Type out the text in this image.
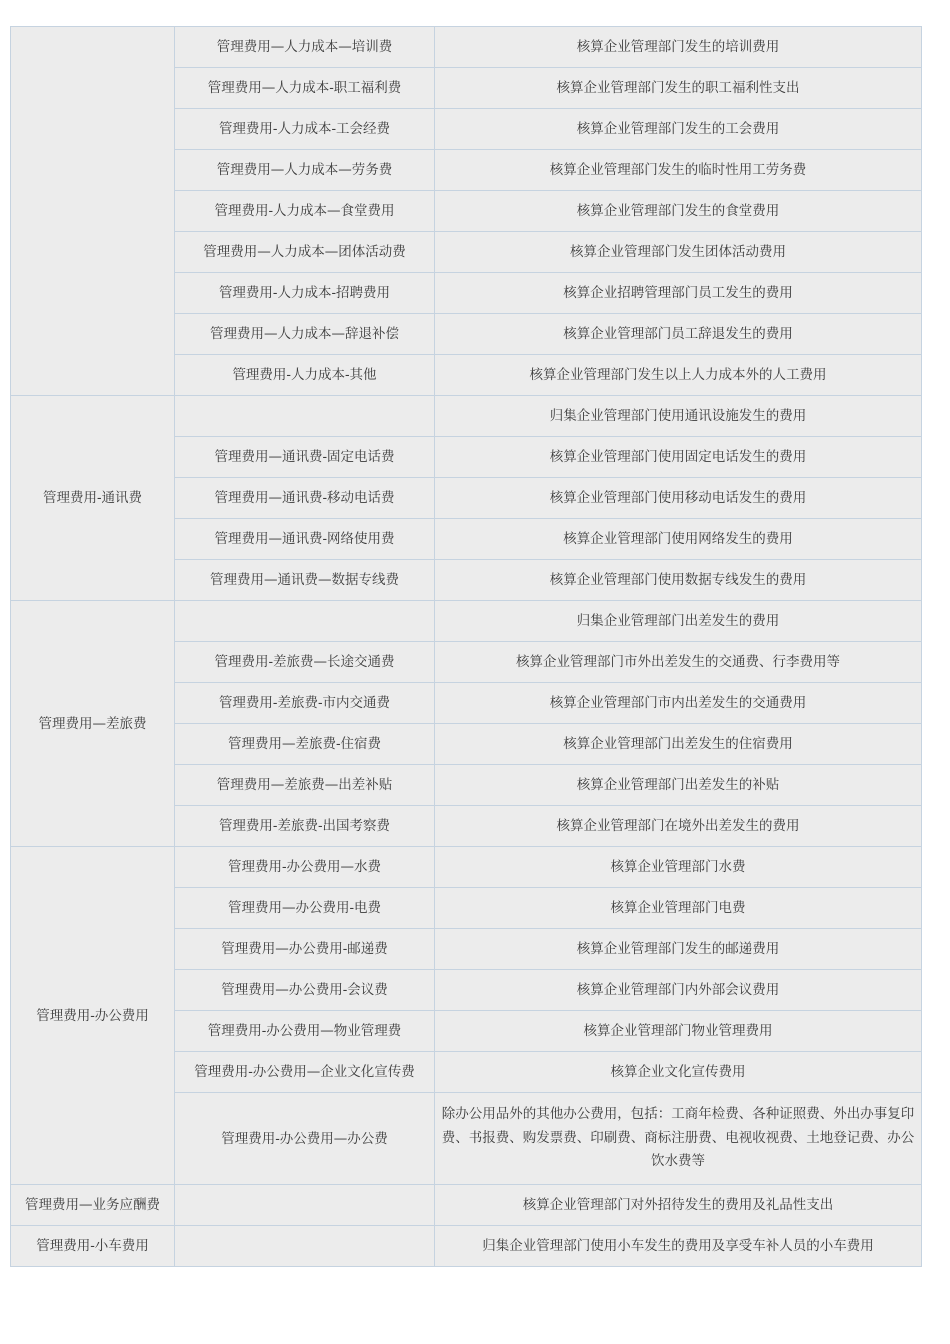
	管理费用—人力成本—培训费	核算企业管理部门发生的培训费用
	管理费用—人力成本-职工福利费	核算企业管理部门发生的职工福利性支出
	管理费用-人力成本-工会经费	核算企业管理部门发生的工会费用
	管理费用—人力成本—劳务费	核算企业管理部门发生的临时性用工劳务费
	管理费用-人力成本—食堂费用	核算企业管理部门发生的食堂费用
	管理费用—人力成本—团体活动费	核算企业管理部门发生团体活动费用
	管理费用-人力成本-招聘费用	核算企业招聘管理部门员工发生的费用
	管理费用—人力成本—辞退补偿	核算企业管理部门员工辞退发生的费用
	管理费用-人力成本-其他	核算企业管理部门发生以上人力成本外的人工费用
管理费用-通讯费		归集企业管理部门使用通讯设施发生的费用
	管理费用—通讯费-固定电话费	核算企业管理部门使用固定电话发生的费用
	管理费用—通讯费-移动电话费	核算企业管理部门使用移动电话发生的费用
	管理费用—通讯费-网络使用费	核算企业管理部门使用网络发生的费用
	管理费用—通讯费—数据专线费	核算企业管理部门使用数据专线发生的费用
管理费用—差旅费		归集企业管理部门出差发生的费用
	管理费用-差旅费—长途交通费	核算企业管理部门市外出差发生的交通费、行李费用等
	管理费用-差旅费-市内交通费	核算企业管理部门市内出差发生的交通费用
	管理费用—差旅费-住宿费	核算企业管理部门出差发生的住宿费用
	管理费用—差旅费—出差补贴	核算企业管理部门出差发生的补贴
	管理费用-差旅费-出国考察费	核算企业管理部门在境外出差发生的费用
管理费用-办公费用	管理费用-办公费用—水费	核算企业管理部门水费
	管理费用—办公费用-电费	核算企业管理部门电费
	管理费用—办公费用-邮递费	核算企业管理部门发生的邮递费用
	管理费用—办公费用-会议费	核算企业管理部门内外部会议费用
	管理费用-办公费用—物业管理费	核算企业管理部门物业管理费用
	管理费用-办公费用—企业文化宣传费	核算企业文化宣传费用
	管理费用-办公费用—办公费	除办公用品外的其他办公费用，包括：工商年检费、各种证照费、外出办事复印费、书报费、购发票费、印刷费、商标注册费、电视收视费、土地登记费、办公饮水费等
管理费用—业务应酬费		核算企业管理部门对外招待发生的费用及礼品性支出
管理费用-小车费用		归集企业管理部门使用小车发生的费用及享受车补人员的小车费用
